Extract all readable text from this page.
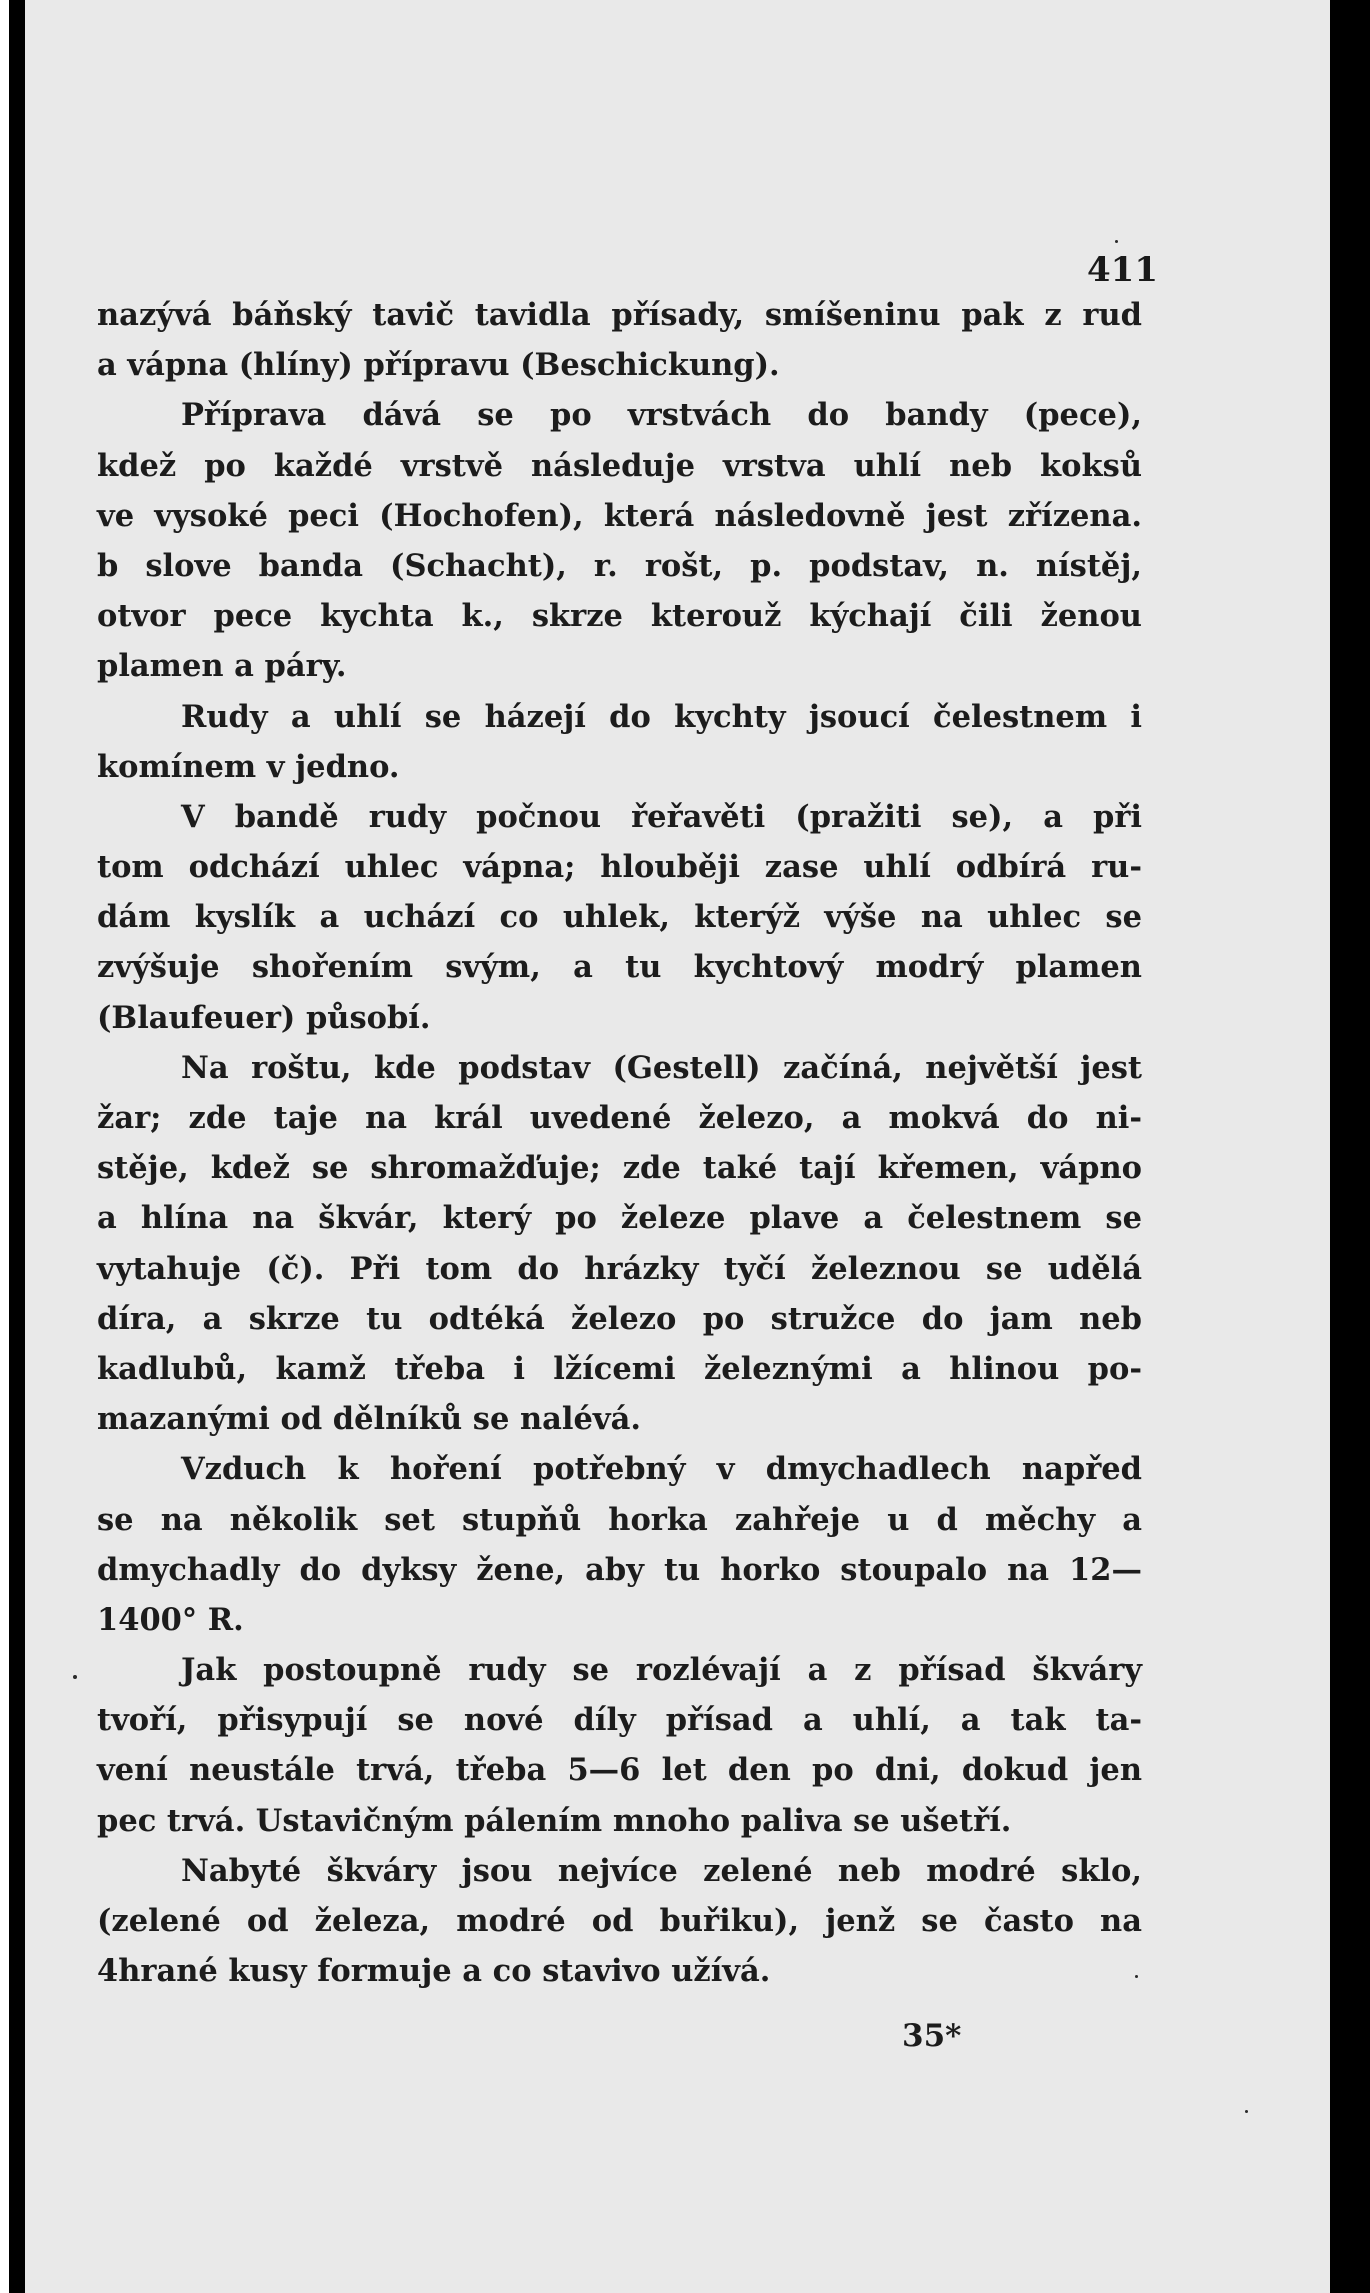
411

nazývá báňský tavič tavidla přísady, smíšeninu pak z rud
a vápna (hlíny) přípravu (Beschickung).
Příprava dává se po vrstvách do bandy (pece),
kdež po každé vrstvě následuje vrstva uhlí neb koksů
ve vysoké peci (Hochofen), která následovně jest zřízena.
b slove banda (Schacht), r. rošt, p. podstav, n. nístěj,
otvor pece kychta k., skrze kterouž kýchají čili ženou
plamen a páry.
Rudy a uhlí se házejí do kychty jsoucí čelestnem i
komínem v jedno.
V bandě rudy počnou řeřavěti (pražiti se), a při
tom odchází uhlec vápna; hlouběji zase uhlí odbírá ru-
dám kyslík a uchází co uhlek, kterýž výše na uhlec se
zvýšuje shořením svým, a tu kychtový modrý plamen
(Blaufeuer) působí.
Na roštu, kde podstav (Gestell) začíná, největší jest
žar; zde taje na král uvedené železo, a mokvá do ni-
stěje, kdež se shromažďuje; zde také tají křemen, vápno
a hlína na škvár, který po železe plave a čelestnem se
vytahuje (č). Při tom do hrázky tyčí železnou se udělá
díra, a skrze tu odtéká železo po stružce do jam neb
kadlubů, kamž třeba i lžícemi železnými a hlinou po-
mazanými od dělníků se nalévá.
Vzduch k hoření potřebný v dmychadlech napřed
se na několik set stupňů horka zahřeje u d měchy a
dmychadly do dyksy žene, aby tu horko stoupalo na 12—
1400° R.
Jak postoupně rudy se rozlévají a z přísad škváry
tvoří, přisypují se nové díly přísad a uhlí, a tak ta-
vení neustále trvá, třeba 5—6 let den po dni, dokud jen
pec trvá. Ustavičným pálením mnoho paliva se ušetří.
Nabyté škváry jsou nejvíce zelené neb modré sklo,
(zelené od železa, modré od buřiku), jenž se často na
4hrané kusy formuje a co stavivo užívá.

35*
